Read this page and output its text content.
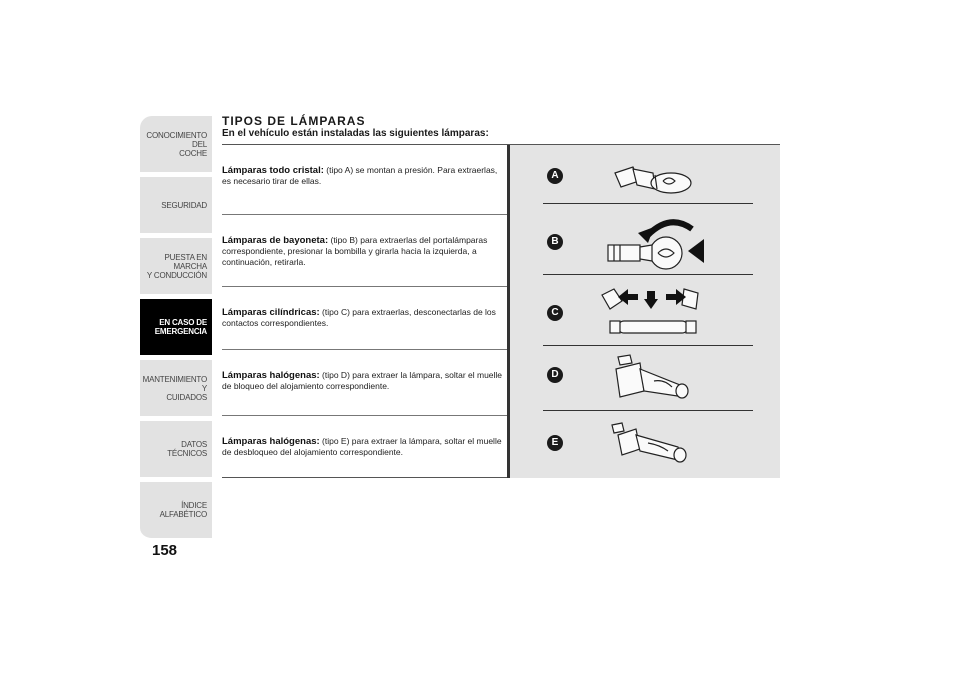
CONOCIMIENTO DEL
COCHE
SEGURIDAD
PUESTA EN MARCHA
Y CONDUCCIÓN
EN CASO DE
EMERGENCIA
MANTENIMIENTO Y
CUIDADOS
DATOS TÉCNICOS
ÍNDICE ALFABÉTICO
158
TIPOS DE LÁMPARAS
En el vehículo están instaladas las siguientes lámparas:
Lámparas todo cristal: (tipo A) se montan a presión. Para extraerlas, es necesario tirar de ellas.
Lámparas de bayoneta: (tipo B) para extraerlas del portalámparas correspondiente, presionar la bombilla y girarla hacia la izquierda, a continuación, retirarla.
Lámparas cilíndricas: (tipo C) para extraerlas, desconectarlas de los contactos correspondientes.
Lámparas halógenas: (tipo D) para extraer la lámpara, soltar el muelle de bloqueo del alojamiento correspondiente.
Lámparas halógenas: (tipo E) para extraer la lámpara, soltar el muelle de desbloqueo del alojamiento correspondiente.
A
B
C
D
E
